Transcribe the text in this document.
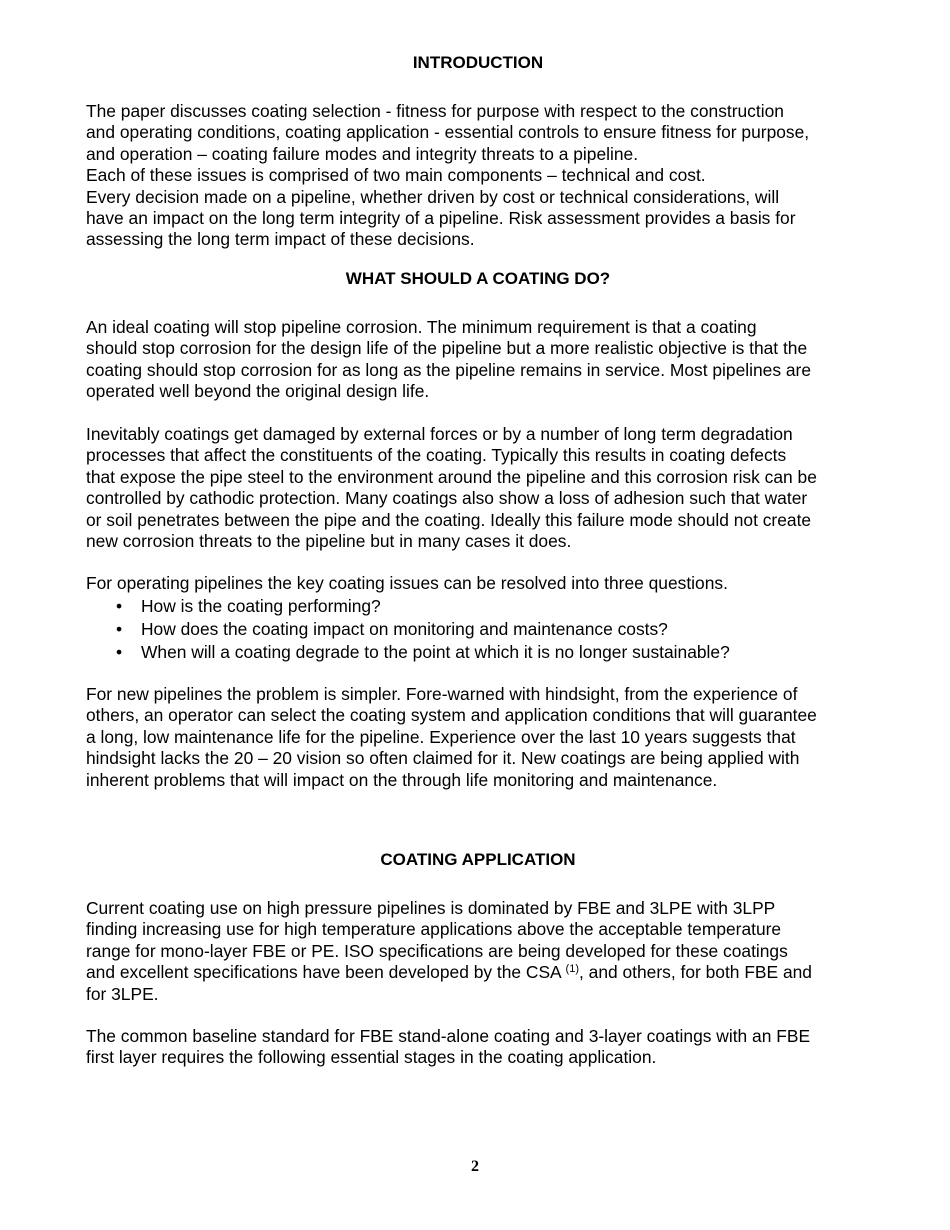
INTRODUCTION
The paper discusses coating selection - fitness for purpose with respect to the construction
and operating conditions, coating application - essential controls to ensure fitness for purpose,
and operation – coating failure modes and integrity threats to a pipeline.
Each of these issues is comprised of two main components – technical and cost.
Every decision made on a pipeline, whether driven by cost or technical considerations, will
have an impact on the long term integrity of a pipeline. Risk assessment provides a basis for
assessing the long term impact of these decisions.
WHAT SHOULD A COATING DO?
An ideal coating will stop pipeline corrosion. The minimum requirement is that a coating
should stop corrosion for the design life of the pipeline but a more realistic objective is that the
coating should stop corrosion for as long as the pipeline remains in service. Most pipelines are
operated well beyond the original design life.
Inevitably coatings get damaged by external forces or by a number of long term degradation
processes that affect the constituents of the coating. Typically this results in coating defects
that expose the pipe steel to the environment around the pipeline and this corrosion risk can be
controlled by cathodic protection. Many coatings also show a loss of adhesion such that water
or soil penetrates between the pipe and the coating. Ideally this failure mode should not create
new corrosion threats to the pipeline but in many cases it does.
For operating pipelines the key coating issues can be resolved into three questions.
• How is the coating performing?
• How does the coating impact on monitoring and maintenance costs?
• When will a coating degrade to the point at which it is no longer sustainable?
For new pipelines the problem is simpler. Fore-warned with hindsight, from the experience of
others, an operator can select the coating system and application conditions that will guarantee
a long, low maintenance life for the pipeline. Experience over the last 10 years suggests that
hindsight lacks the 20 – 20 vision so often claimed for it. New coatings are being applied with
inherent problems that will impact on the through life monitoring and maintenance.
COATING APPLICATION
Current coating use on high pressure pipelines is dominated by FBE and 3LPE with 3LPP
finding increasing use for high temperature applications above the acceptable temperature
range for mono-layer FBE or PE. ISO specifications are being developed for these coatings
and excellent specifications have been developed by the CSA $^{(1)}$, and others, for both FBE and
for 3LPE.
The common baseline standard for FBE stand-alone coating and 3-layer coatings with an FBE
first layer requires the following essential stages in the coating application.
2
